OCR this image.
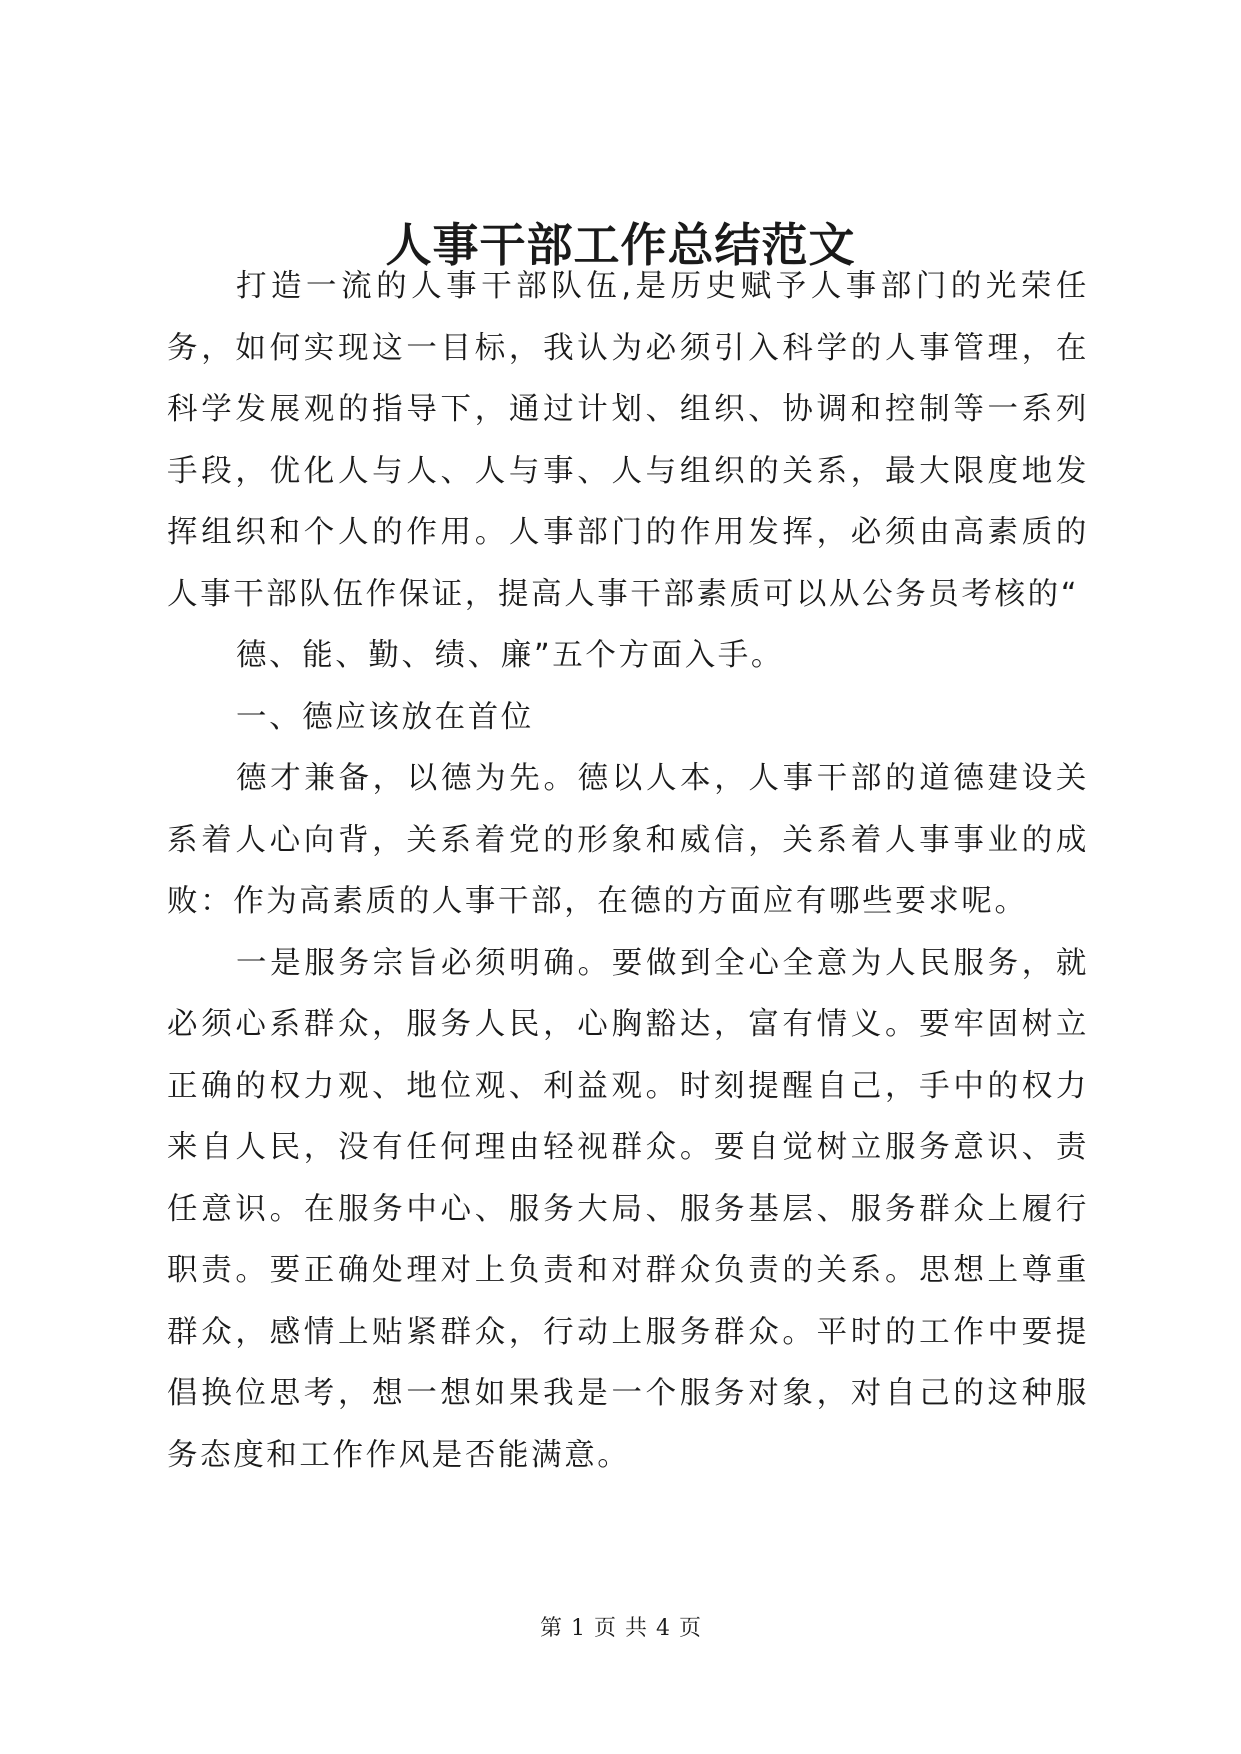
人事干部工作总结范文

打造一流的人事干部队伍,是历史赋予人事部门的光荣任务，如何实现这一目标，我认为必须引入科学的人事管理，在科学发展观的指导下，通过计划、组织、协调和控制等一系列手段，优化人与人、人与事、人与组织的关系，最大限度地发挥组织和个人的作用。人事部门的作用发挥，必须由高素质的人事干部队伍作保证，提高人事干部素质可以从公务员考核的“

德、能、勤、绩、廉”五个方面入手。

一、德应该放在首位

德才兼备，以德为先。德以人本，人事干部的道德建设关系着人心向背，关系着党的形象和威信，关系着人事事业的成败：作为高素质的人事干部，在德的方面应有哪些要求呢。

一是服务宗旨必须明确。要做到全心全意为人民服务，就必须心系群众，服务人民，心胸豁达，富有情义。要牢固树立正确的权力观、地位观、利益观。时刻提醒自己，手中的权力来自人民，没有任何理由轻视群众。要自觉树立服务意识、责任意识。在服务中心、服务大局、服务基层、服务群众上履行职责。要正确处理对上负责和对群众负责的关系。思想上尊重群众，感情上贴紧群众，行动上服务群众。平时的工作中要提倡换位思考，想一想如果我是一个服务对象，对自己的这种服务态度和工作作风是否能满意。

第 1 页 共 4 页
